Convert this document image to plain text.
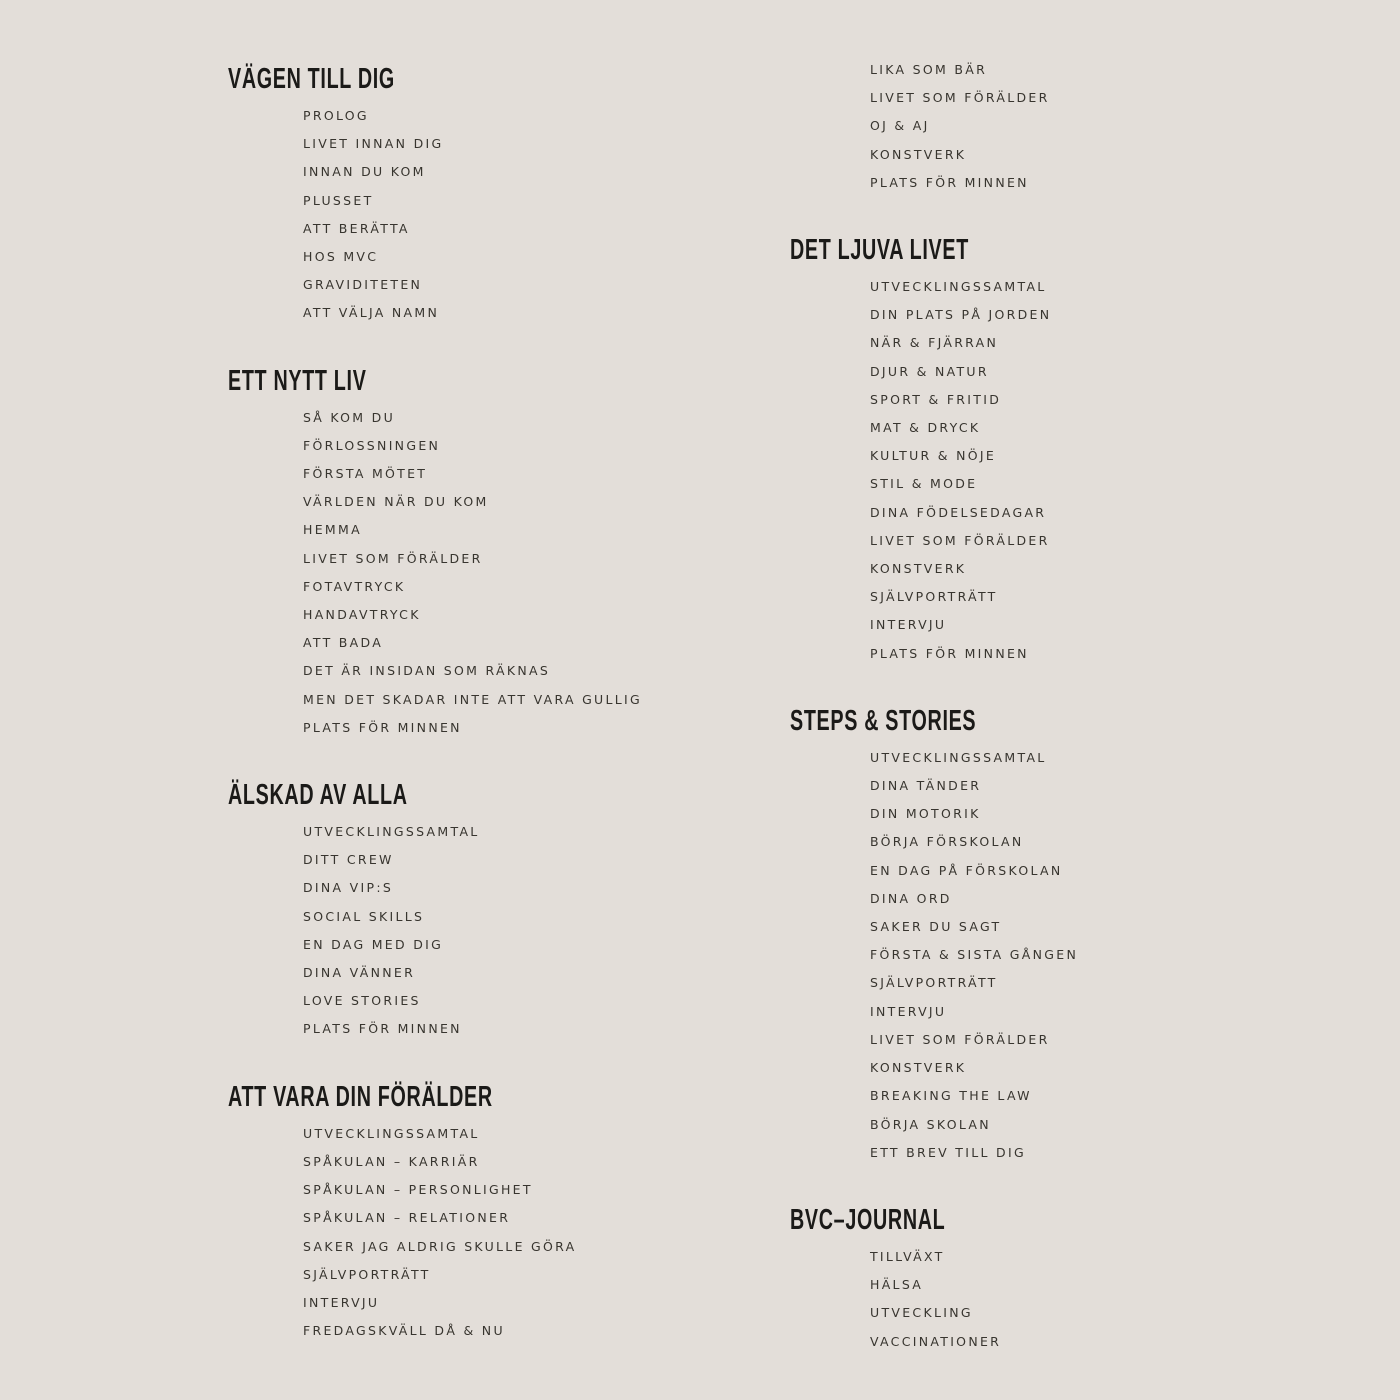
VÄGEN TILL DIG
PROLOG
LIVET INNAN DIG
INNAN DU KOM
PLUSSET
ATT BERÄTTA
HOS MVC
GRAVIDITETEN
ATT VÄLJA NAMN
ETT NYTT LIV
SÅ KOM DU
FÖRLOSSNINGEN
FÖRSTA MÖTET
VÄRLDEN NÄR DU KOM
HEMMA
LIVET SOM FÖRÄLDER
FOTAVTRYCK
HANDAVTRYCK
ATT BADA
DET ÄR INSIDAN SOM RÄKNAS
MEN DET SKADAR INTE ATT VARA GULLIG
PLATS FÖR MINNEN
ÄLSKAD AV ALLA
UTVECKLINGSSAMTAL
DITT CREW
DINA VIP:S
SOCIAL SKILLS
EN DAG MED DIG
DINA VÄNNER
LOVE STORIES
PLATS FÖR MINNEN
ATT VARA DIN FÖRÄLDER
UTVECKLINGSSAMTAL
SPÅKULAN – KARRIÄR
SPÅKULAN – PERSONLIGHET
SPÅKULAN – RELATIONER
SAKER JAG ALDRIG SKULLE GÖRA
SJÄLVPORTRÄTT
INTERVJU
FREDAGSKVÄLL DÅ & NU
LIKA SOM BÄR
LIVET SOM FÖRÄLDER
OJ & AJ
KONSTVERK
PLATS FÖR MINNEN
DET LJUVA LIVET
UTVECKLINGSSAMTAL
DIN PLATS PÅ JORDEN
NÄR & FJÄRRAN
DJUR & NATUR
SPORT & FRITID
MAT & DRYCK
KULTUR & NÖJE
STIL & MODE
DINA FÖDELSEDAGAR
LIVET SOM FÖRÄLDER
KONSTVERK
SJÄLVPORTRÄTT
INTERVJU
PLATS FÖR MINNEN
STEPS & STORIES
UTVECKLINGSSAMTAL
DINA TÄNDER
DIN MOTORIK
BÖRJA FÖRSKOLAN
EN DAG PÅ FÖRSKOLAN
DINA ORD
SAKER DU SAGT
FÖRSTA & SISTA GÅNGEN
SJÄLVPORTRÄTT
INTERVJU
LIVET SOM FÖRÄLDER
KONSTVERK
BREAKING THE LAW
BÖRJA SKOLAN
ETT BREV TILL DIG
BVC–JOURNAL
TILLVÄXT
HÄLSA
UTVECKLING
VACCINATIONER
